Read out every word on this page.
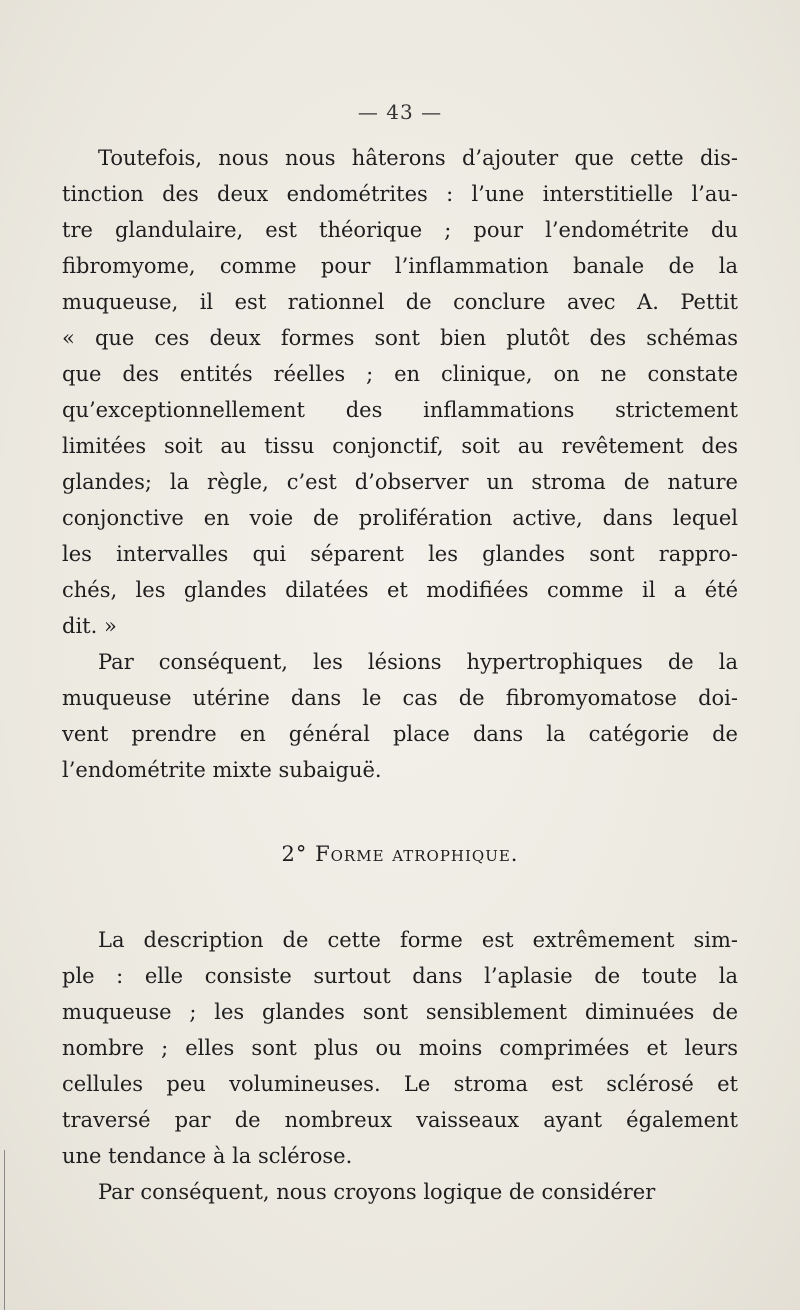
— 43 —
Toutefois, nous nous hâterons d’ajouter que cette dis-
tinction des deux endométrites : l’une interstitielle l’au-
tre glandulaire, est théorique ; pour l’endométrite du
fibromyome, comme pour l’inflammation banale de la
muqueuse, il est rationnel de conclure avec A. Pettit
« que ces deux formes sont bien plutôt des schémas
que des entités réelles ; en clinique, on ne constate
qu’exceptionnellement des inflammations strictement
limitées soit au tissu conjonctif, soit au revêtement des
glandes; la règle, c’est d’observer un stroma de nature
conjonctive en voie de prolifération active, dans lequel
les intervalles qui séparent les glandes sont rappro-
chés, les glandes dilatées et modifiées comme il a été
dit. »
Par conséquent, les lésions hypertrophiques de la
muqueuse utérine dans le cas de fibromyomatose doi-
vent prendre en général place dans la catégorie de
l’endométrite mixte subaiguë.
2° Forme atrophique.
La description de cette forme est extrêmement sim-
ple : elle consiste surtout dans l’aplasie de toute la
muqueuse ; les glandes sont sensiblement diminuées de
nombre ; elles sont plus ou moins comprimées et leurs
cellules peu volumineuses. Le stroma est sclérosé et
traversé par de nombreux vaisseaux ayant également
une tendance à la sclérose.
Par conséquent, nous croyons logique de considérer
